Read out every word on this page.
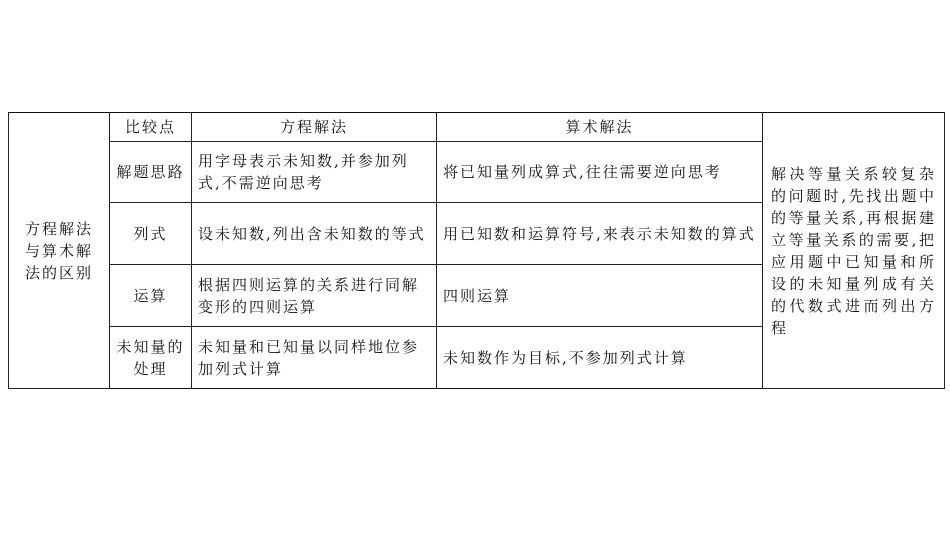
方程解法与算术解法的区别	比较点	方程解法	算术解法	解决等量关系较复杂的问题时,先找出题中的等量关系,再根据建立等量关系的需要,把应用题中已知量和所设的未知量列成有关的代数式进而列出方程

	解题思路	用字母表示未知数,并参加列式,不需逆向思考	将已知量列成算式,往往需要逆向思考	

	列式	设未知数,列出含未知数的等式	用已知数和运算符号,来表示未知数的算式	

	运算	根据四则运算的关系进行同解变形的四则运算	四则运算	

	未知量的处理	未知量和已知量以同样地位参加列式计算	未知数作为目标,不参加列式计算	
